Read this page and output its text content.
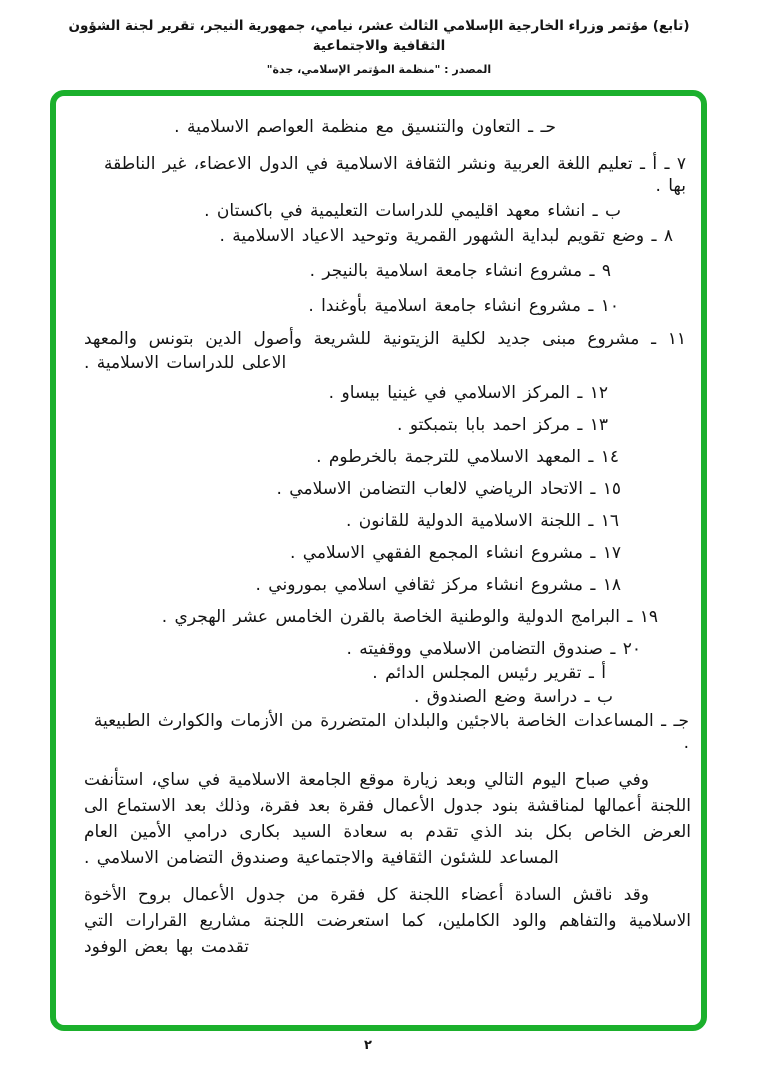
(تابع) مؤتمر وزراء الخارجية الإسلامي الثالث عشر، نيامي، جمهورية النيجر، تقرير لجنة الشؤون الثقافية والاجتماعية
المصدر : "منظمة المؤتمر الإسلامي، جدة"
حـ ـ التعاون والتنسيق مع منظمة العواصم الاسلامية .
٧ ـ أ ـ تعليم اللغة العربية ونشر الثقافة الاسلامية في الدول الاعضاء، غير الناطقة بها .
ب ـ انشاء معهد اقليمي للدراسات التعليمية في باكستان .
٨ ـ وضع تقويم لبداية الشهور القمرية وتوحيد الاعياد الاسلامية .
٩ ـ مشروع انشاء جامعة اسلامية بالنيجر .
١٠ ـ مشروع انشاء جامعة اسلامية بأوغندا .
١١ ـ مشروع مبنى جديد لكلية الزيتونية للشريعة وأصول الدين بتونس والمعهد الاعلى للدراسات الاسلامية .
١٢ ـ المركز الاسلامي في غينيا بيساو .
١٣ ـ مركز احمد بابا بتمبكتو .
١٤ ـ المعهد الاسلامي للترجمة بالخرطوم .
١٥ ـ الاتحاد الرياضي لالعاب التضامن الاسلامي .
١٦ ـ اللجنة الاسلامية الدولية للقانون .
١٧ ـ مشروع انشاء المجمع الفقهي الاسلامي .
١٨ ـ مشروع انشاء مركز ثقافي اسلامي بموروني .
١٩ ـ البرامج الدولية والوطنية الخاصة بالقرن الخامس عشر الهجري .
٢٠ ـ صندوق التضامن الاسلامي ووقفيته .
أ ـ تقرير رئيس المجلس الدائم .
ب ـ دراسة وضع الصندوق .
جـ ـ المساعدات الخاصة بالاجئين والبلدان المتضررة من الأزمات والكوارث الطبيعية .
وفي صباح اليوم التالي وبعد زيارة موقع الجامعة الاسلامية في ساي، استأنفت اللجنة أعمالها لمناقشة بنود جدول الأعمال فقرة بعد فقرة، وذلك بعد الاستماع الى العرض الخاص بكل بند الذي تقدم به سعادة السيد بكارى درامي الأمين العام المساعد للشئون الثقافية والاجتماعية وصندوق التضامن الاسلامي .
وقد ناقش السادة أعضاء اللجنة كل فقرة من جدول الأعمال بروح الأخوة الاسلامية والتفاهم والود الكاملين، كما استعرضت اللجنة مشاريع القرارات التي تقدمت بها بعض الوفود
٢
